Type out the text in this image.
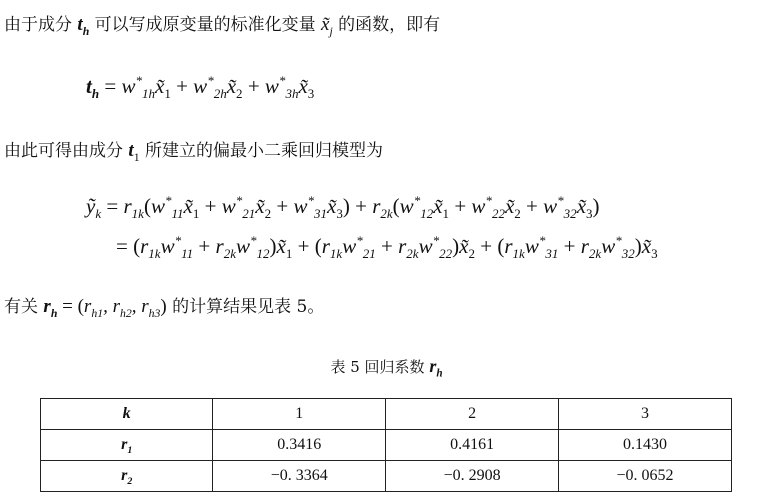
由于成分 $t_h$ 可以写成原变量的标准化变量 $x̃_j$ 的函数，即有
$t_h$ = $w^*_{1h}x̃_1$ + $w^*_{2h}x̃_2$ + $w^*_{3h}x̃_3$
由此可得由成分 $t_1$ 所建立的偏最小二乘回归模型为
ỹ$_k$ = $r_{1k}(w^*_{11}x̃_1$ + $w^*_{21}x̃_2$ + $w^*_{31}x̃_3$) + $r_{2k}(w^*_{12}x̃_1$ + $w^*_{22}x̃_2$ + $w^*_{32}x̃_3$)
= ($r_{1k}w^*_{11}$ + $r_{2k}w^*_{12})x̃_1 + (r_{1k}w^*_{21}$ + $r_{2k}w^*_{22})x̃_2 + (r_{1k}w^*_{31}$ + $r_{2k}w^*_{32})x̃_3$
有关 $r_h = (r_{h1}$, $r_{h2}$, $r_{h3}$) 的计算结果见表 5。
表 5 回归系数 $r_h$
k	1	2	3
$r_1$	0.3416	0.4161	0.1430
$r_2$	−0. 3364	−0. 2908	−0. 0652
